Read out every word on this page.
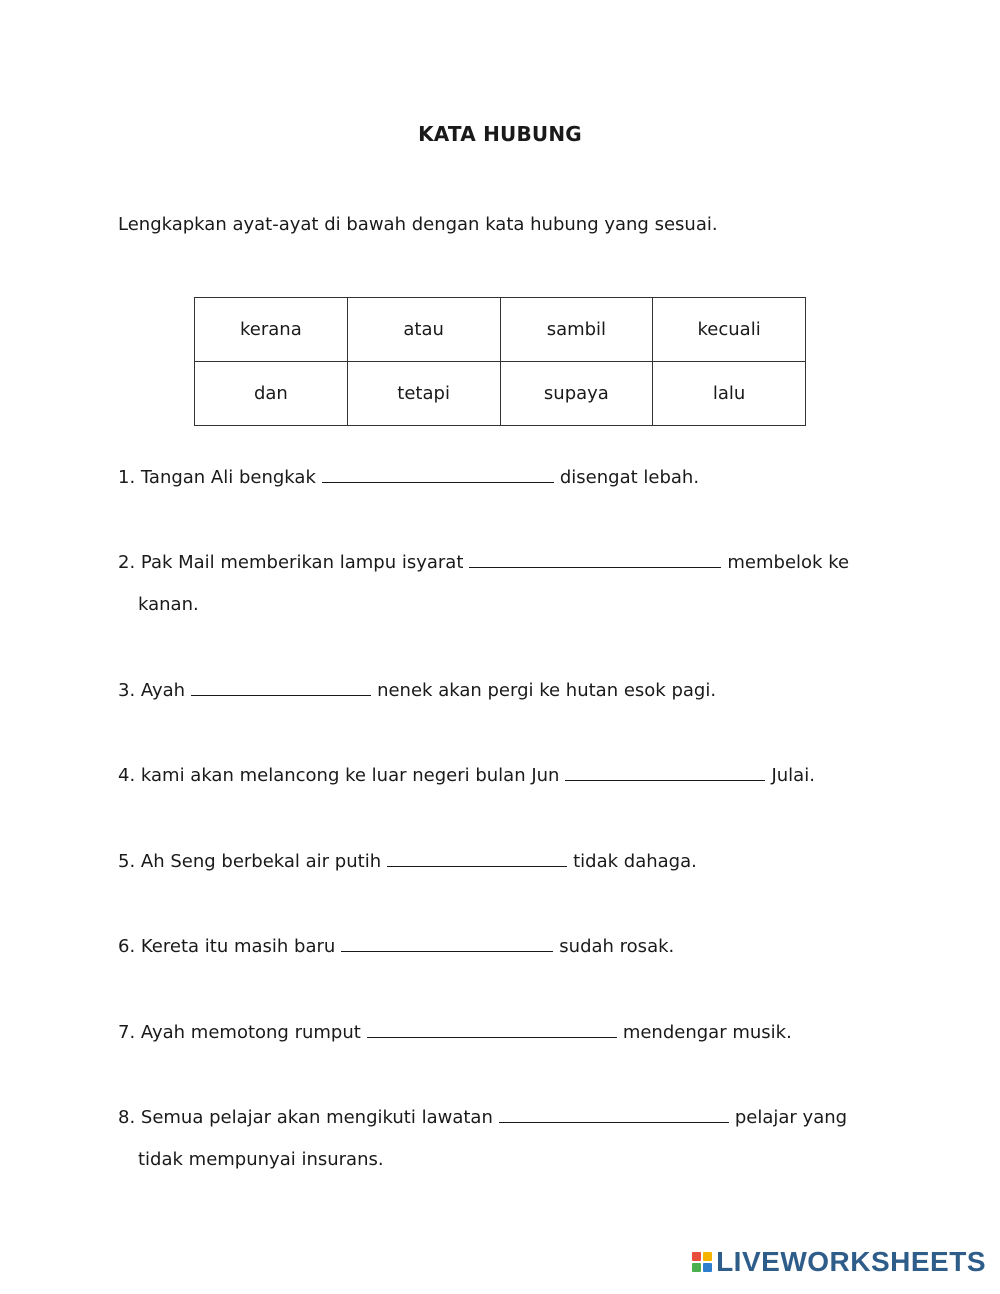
KATA HUBUNG
Lengkapkan ayat-ayat di bawah dengan kata hubung yang sesuai.
kerana	atau	sambil	kecuali
dan	tetapi	supaya	lalu
1. Tangan Ali bengkak	disengat lebah.
2. Pak Mail memberikan lampu isyarat	membelok ke
kanan.
3. Ayah	nenek akan pergi ke hutan esok pagi.
4. kami akan melancong ke luar negeri bulan Jun	Julai.
5. Ah Seng berbekal air putih	tidak dahaga.
6. Kereta itu masih baru	sudah rosak.
7. Ayah memotong rumput	mendengar musik.
8. Semua pelajar akan mengikuti lawatan	pelajar yang
tidak mempunyai insurans.
LIVEWORKSHEETS
